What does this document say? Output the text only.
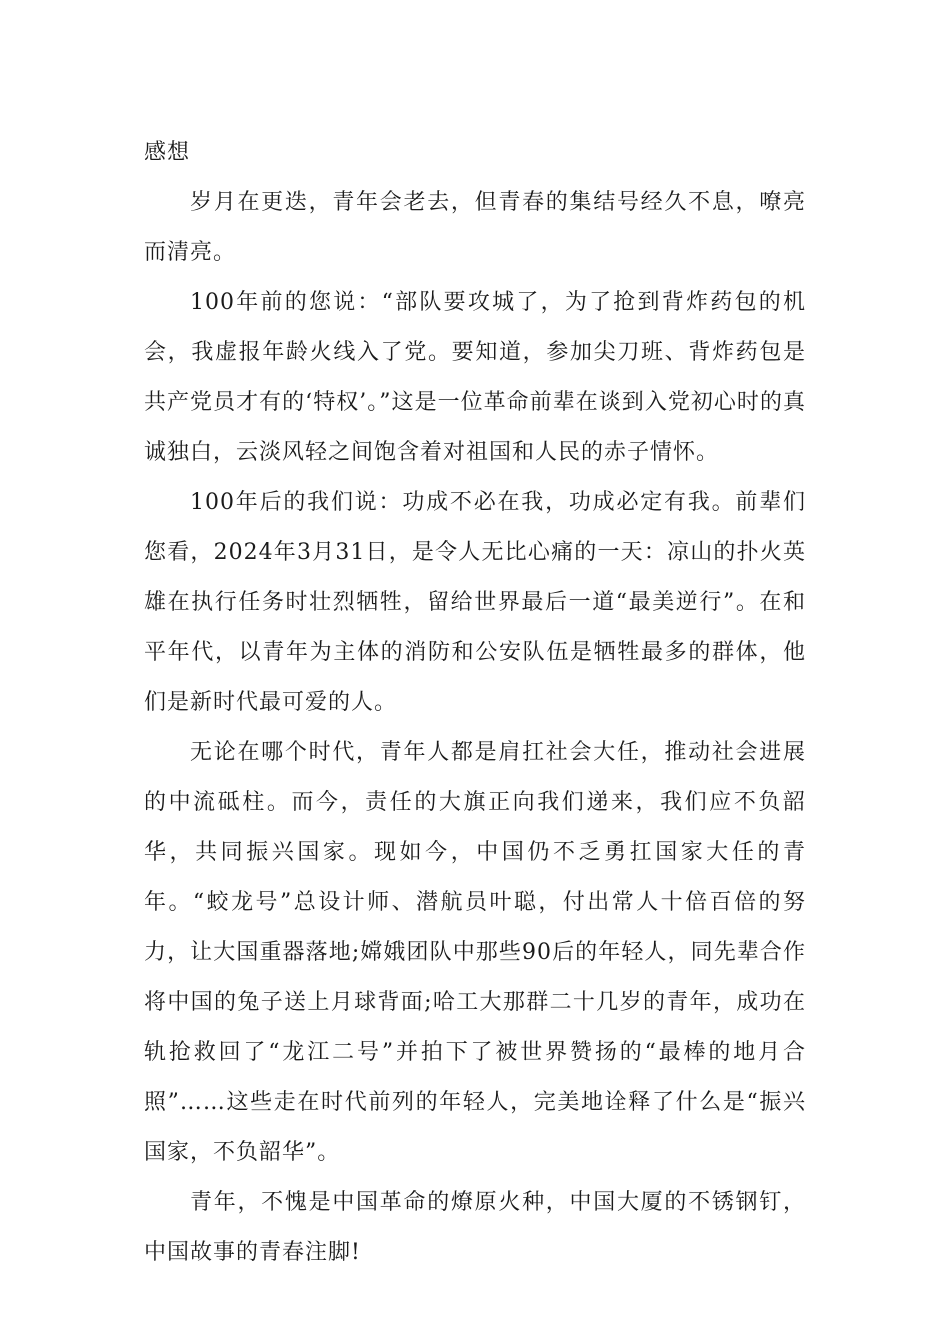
感想

岁月在更迭，青年会老去，但青春的集结号经久不息，嘹亮而清亮。

100年前的您说：“部队要攻城了，为了抢到背炸药包的机会，我虚报年龄火线入了党。要知道，参加尖刀班、背炸药包是共产党员才有的‘特权’。”这是一位革命前辈在谈到入党初心时的真诚独白，云淡风轻之间饱含着对祖国和人民的赤子情怀。

100年后的我们说：功成不必在我，功成必定有我。前辈们您看，2024年3月31日，是令人无比心痛的一天：凉山的扑火英雄在执行任务时壮烈牺牲，留给世界最后一道“最美逆行”。在和平年代，以青年为主体的消防和公安队伍是牺牲最多的群体，他们是新时代最可爱的人。

无论在哪个时代，青年人都是肩扛社会大任，推动社会进展的中流砥柱。而今，责任的大旗正向我们递来，我们应不负韶华，共同振兴国家。现如今，中国仍不乏勇扛国家大任的青年。“蛟龙号”总设计师、潜航员叶聪，付出常人十倍百倍的努力，让大国重器落地;嫦娥团队中那些90后的年轻人，同先辈合作将中国的兔子送上月球背面;哈工大那群二十几岁的青年，成功在轨抢救回了“龙江二号”并拍下了被世界赞扬的“最棒的地月合照”……这些走在时代前列的年轻人，完美地诠释了什么是“振兴国家，不负韶华”。

青年，不愧是中国革命的燎原火种，中国大厦的不锈钢钉，中国故事的青春注脚!
